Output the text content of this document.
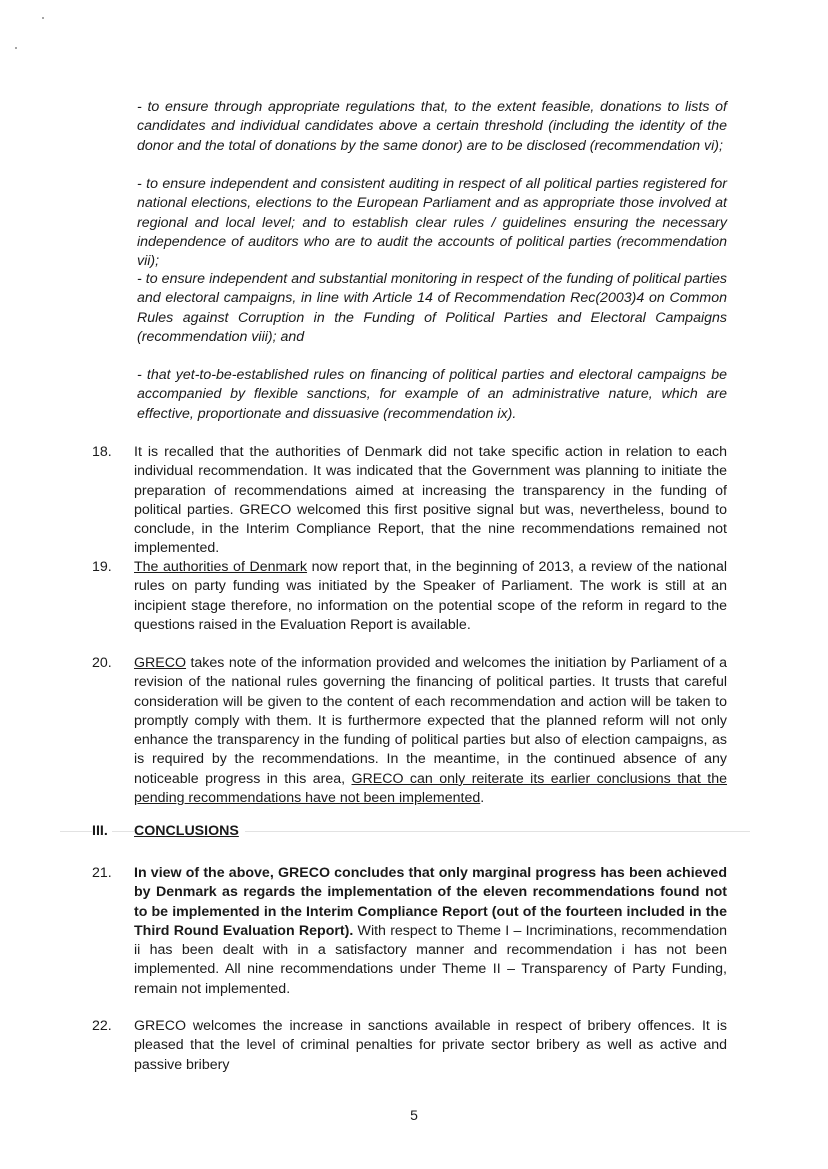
- to ensure through appropriate regulations that, to the extent feasible, donations to lists of candidates and individual candidates above a certain threshold (including the identity of the donor and the total of donations by the same donor) are to be disclosed (recommendation vi);

- to ensure independent and consistent auditing in respect of all political parties registered for national elections, elections to the European Parliament and as appropriate those involved at regional and local level; and to establish clear rules / guidelines ensuring the necessary independence of auditors who are to audit the accounts of political parties (recommendation vii);

- to ensure independent and substantial monitoring in respect of the funding of political parties and electoral campaigns, in line with Article 14 of Recommendation Rec(2003)4 on Common Rules against Corruption in the Funding of Political Parties and Electoral Campaigns (recommendation viii); and

- that yet-to-be-established rules on financing of political parties and electoral campaigns be accompanied by flexible sanctions, for example of an administrative nature, which are effective, proportionate and dissuasive (recommendation ix).

18. It is recalled that the authorities of Denmark did not take specific action in relation to each individual recommendation. It was indicated that the Government was planning to initiate the preparation of recommendations aimed at increasing the transparency in the funding of political parties. GRECO welcomed this first positive signal but was, nevertheless, bound to conclude, in the Interim Compliance Report, that the nine recommendations remained not implemented.

19. The authorities of Denmark now report that, in the beginning of 2013, a review of the national rules on party funding was initiated by the Speaker of Parliament. The work is still at an incipient stage therefore, no information on the potential scope of the reform in regard to the questions raised in the Evaluation Report is available.

20. GRECO takes note of the information provided and welcomes the initiation by Parliament of a revision of the national rules governing the financing of political parties. It trusts that careful consideration will be given to the content of each recommendation and action will be taken to promptly comply with them. It is furthermore expected that the planned reform will not only enhance the transparency in the funding of political parties but also of election campaigns, as is required by the recommendations. In the meantime, in the continued absence of any noticeable progress in this area, GRECO can only reiterate its earlier conclusions that the pending recommendations have not been implemented.

III. CONCLUSIONS
21. In view of the above, GRECO concludes that only marginal progress has been achieved by Denmark as regards the implementation of the eleven recommendations found not to be implemented in the Interim Compliance Report (out of the fourteen included in the Third Round Evaluation Report). With respect to Theme I – Incriminations, recommendation ii has been dealt with in a satisfactory manner and recommendation i has not been implemented. All nine recommendations under Theme II – Transparency of Party Funding, remain not implemented.

22. GRECO welcomes the increase in sanctions available in respect of bribery offences. It is pleased that the level of criminal penalties for private sector bribery as well as active and passive bribery

5
